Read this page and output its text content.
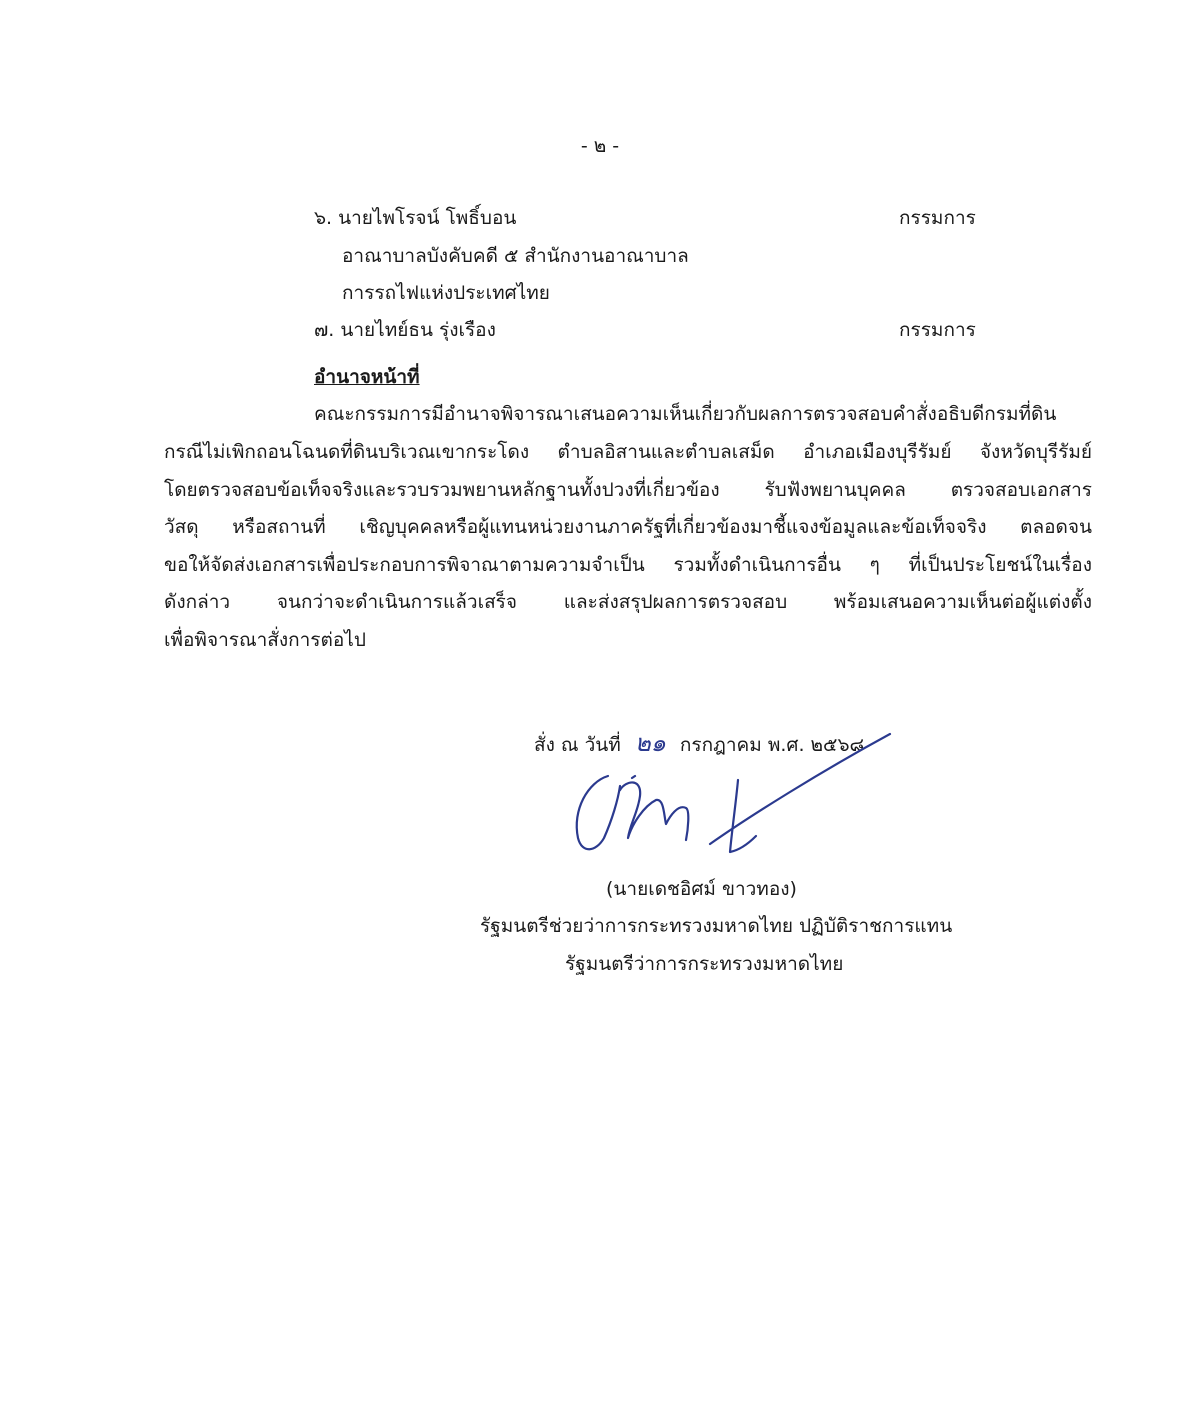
- ๒ -
๖. นายไพโรจน์ โพธิ์บอน	กรรมการ
อาณาบาลบังคับคดี ๕ สำนักงานอาณาบาล
การรถไฟแห่งประเทศไทย
๗. นายไทย์ธน รุ่งเรือง	กรรมการ
อำนาจหน้าที่
คณะกรรมการมีอำนาจพิจารณาเสนอความเห็นเกี่ยวกับผลการตรวจสอบคำสั่งอธิบดีกรมที่ดิน
กรณีไม่เพิกถอนโฉนดที่ดินบริเวณเขากระโดง ตำบลอิสานและตำบลเสม็ด อำเภอเมืองบุรีรัมย์ จังหวัดบุรีรัมย์
โดยตรวจสอบข้อเท็จจริงและรวบรวมพยานหลักฐานทั้งปวงที่เกี่ยวข้อง รับฟังพยานบุคคล ตรวจสอบเอกสาร
วัสดุ หรือสถานที่ เชิญบุคคลหรือผู้แทนหน่วยงานภาครัฐที่เกี่ยวข้องมาชี้แจงข้อมูลและข้อเท็จจริง ตลอดจน
ขอให้จัดส่งเอกสารเพื่อประกอบการพิจาณาตามความจำเป็น รวมทั้งดำเนินการอื่น ๆ ที่เป็นประโยชน์ในเรื่อง
ดังกล่าว จนกว่าจะดำเนินการแล้วเสร็จ และส่งสรุปผลการตรวจสอบ พร้อมเสนอความเห็นต่อผู้แต่งตั้ง
เพื่อพิจารณาสั่งการต่อไป
สั่ง ณ วันที่ ๒๑ กรกฎาคม พ.ศ. ๒๕๖๘
(นายเดชอิศม์ ขาวทอง)
รัฐมนตรีช่วยว่าการกระทรวงมหาดไทย ปฏิบัติราชการแทน
รัฐมนตรีว่าการกระทรวงมหาดไทย
